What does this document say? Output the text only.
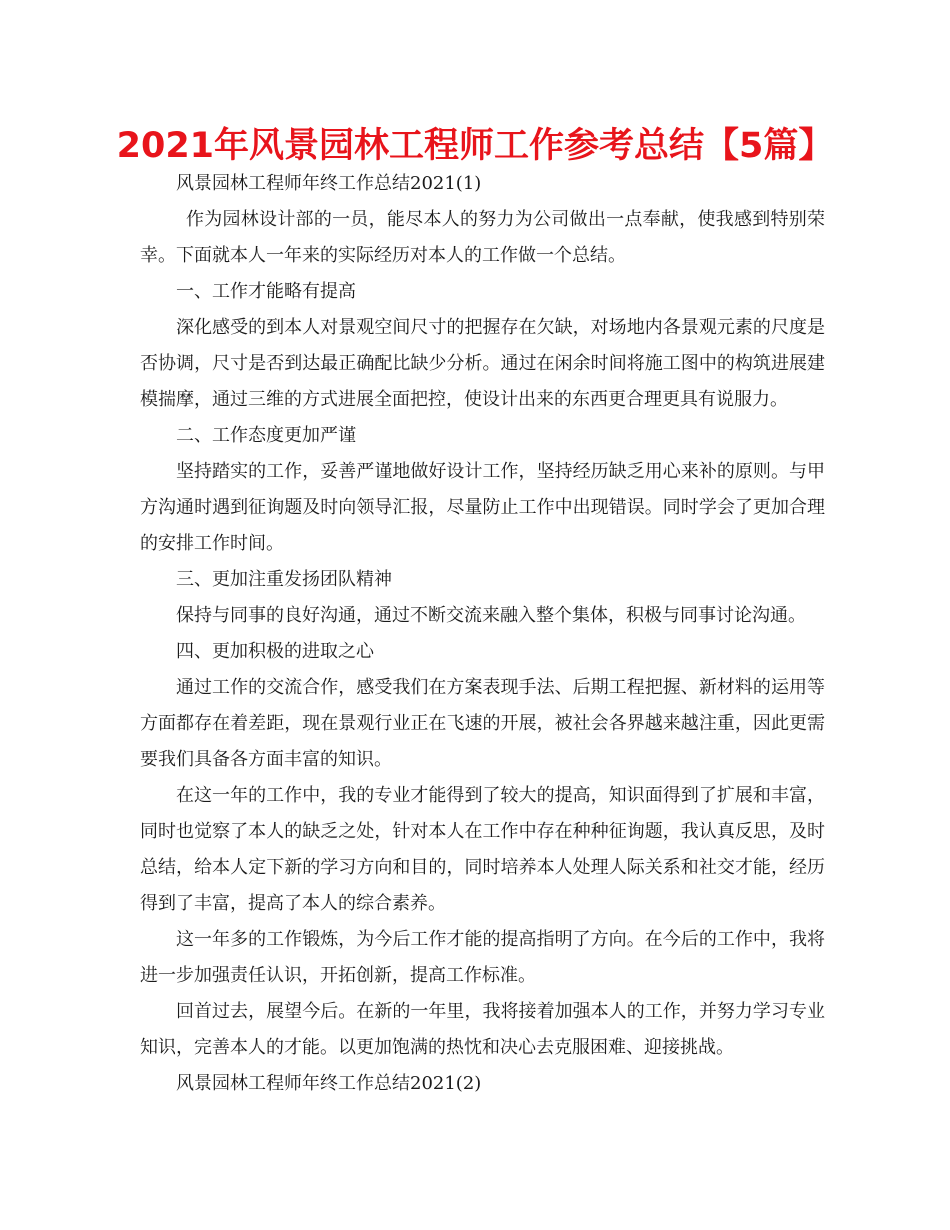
2021年风景园林工程师工作参考总结【5篇】

风景园林工程师年终工作总结2021(1)

作为园林设计部的一员，能尽本人的努力为公司做出一点奉献，使我感到特别荣幸。下面就本人一年来的实际经历对本人的工作做一个总结。

一、工作才能略有提高

深化感受的到本人对景观空间尺寸的把握存在欠缺，对场地内各景观元素的尺度是否协调，尺寸是否到达最正确配比缺少分析。通过在闲余时间将施工图中的构筑进展建模揣摩，通过三维的方式进展全面把控，使设计出来的东西更合理更具有说服力。

二、工作态度更加严谨

坚持踏实的工作，妥善严谨地做好设计工作，坚持经历缺乏用心来补的原则。与甲方沟通时遇到征询题及时向领导汇报，尽量防止工作中出现错误。同时学会了更加合理的安排工作时间。

三、更加注重发扬团队精神

保持与同事的良好沟通，通过不断交流来融入整个集体，积极与同事讨论沟通。

四、更加积极的进取之心

通过工作的交流合作，感受我们在方案表现手法、后期工程把握、新材料的运用等方面都存在着差距，现在景观行业正在飞速的开展，被社会各界越来越注重，因此更需要我们具备各方面丰富的知识。

在这一年的工作中，我的专业才能得到了较大的提高，知识面得到了扩展和丰富，同时也觉察了本人的缺乏之处，针对本人在工作中存在种种征询题，我认真反思，及时总结，给本人定下新的学习方向和目的，同时培养本人处理人际关系和社交才能，经历得到了丰富，提高了本人的综合素养。

这一年多的工作锻炼，为今后工作才能的提高指明了方向。在今后的工作中，我将进一步加强责任认识，开拓创新，提高工作标准。

回首过去，展望今后。在新的一年里，我将接着加强本人的工作，并努力学习专业知识，完善本人的才能。以更加饱满的热忱和决心去克服困难、迎接挑战。

风景园林工程师年终工作总结2021(2)
